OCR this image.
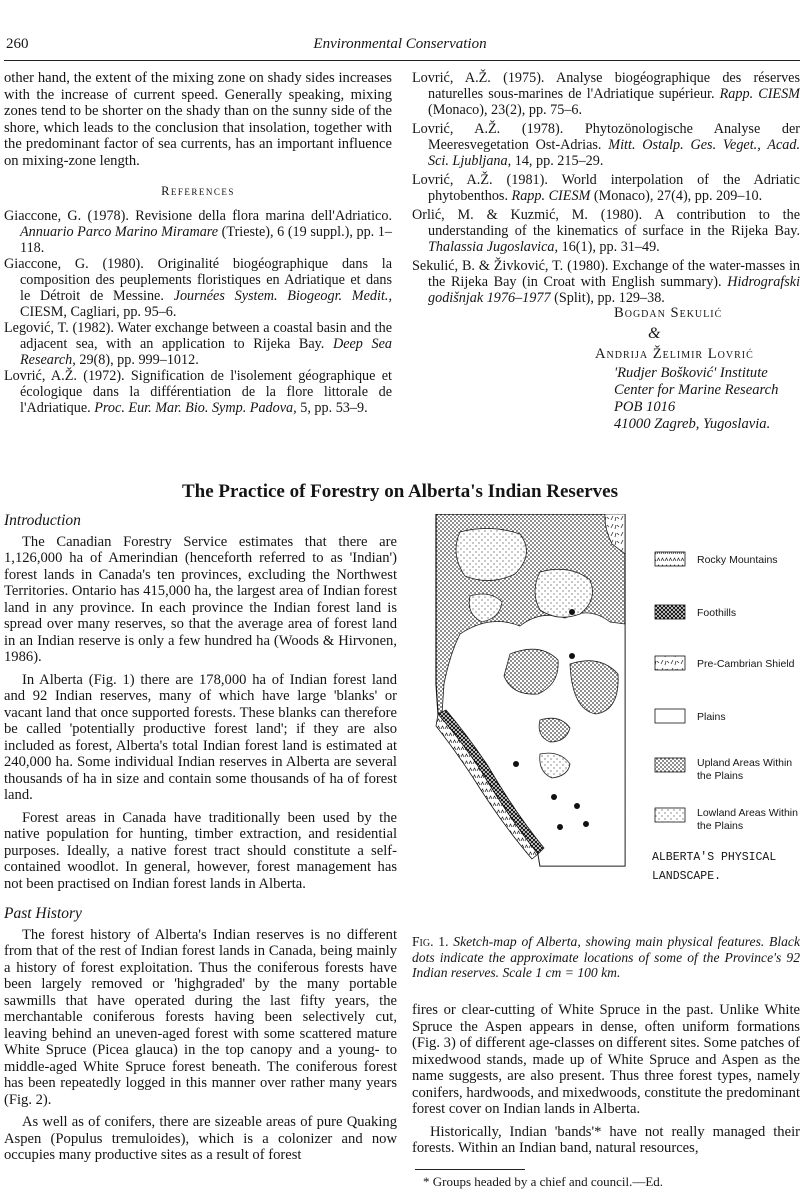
260	Environmental Conservation

other hand, the extent of the mixing zone on shady sides increases with the increase of current speed. Generally speaking, mixing zones tend to be shorter on the shady than on the sunny side of the shore, which leads to the conclusion that insolation, together with the predominant factor of sea currents, has an important influence on mixing-zone length.

References

Giaccone, G. (1978). Revisione della flora marina dell'Adriatico. Annuario Parco Marino Miramare (Trieste), 6 (19 suppl.), pp. 1–118.

Giaccone, G. (1980). Originalité biogéographique dans la composition des peuplements floristiques en Adriatique et dans le Détroit de Messine. Journées System. Biogeogr. Medit., CIESM, Cagliari, pp. 95–6.

Legović, T. (1982). Water exchange between a coastal basin and the adjacent sea, with an application to Rijeka Bay. Deep Sea Research, 29(8), pp. 999–1012.

Lovrić, A.Ž. (1972). Signification de l'isolement géographique et écologique dans la différentiation de la flore littorale de l'Adriatique. Proc. Eur. Mar. Bio. Symp. Padova, 5, pp. 53–9.

Lovrić, A.Ž. (1975). Analyse biogéographique des réserves naturelles sous-marines de l'Adriatique supérieur. Rapp. CIESM (Monaco), 23(2), pp. 75–6.

Lovrić, A.Ž. (1978). Phytozönologische Analyse der Meeresvegetation Ost-Adrias. Mitt. Ostalp. Ges. Veget., Acad. Sci. Ljubljana, 14, pp. 215–29.

Lovrić, A.Ž. (1981). World interpolation of the Adriatic phytobenthos. Rapp. CIESM (Monaco), 27(4), pp. 209–10.

Orlić, M. & Kuzmić, M. (1980). A contribution to the understanding of the kinematics of surface in the Rijeka Bay. Thalassia Jugoslavica, 16(1), pp. 31–49.

Sekulić, B. & Živković, T. (1980). Exchange of the water-masses in the Rijeka Bay (in Croat with English summary). Hidrografski godišnjak 1976–1977 (Split), pp. 129–38.

Bogdan Sekulić
&
Andrija Želimir Lovrić
'Rudjer Bošković' Institute
Center for Marine Research
POB 1016
41000 Zagreb, Yugoslavia.
The Practice of Forestry on Alberta's Indian Reserves
Introduction

The Canadian Forestry Service estimates that there are 1,126,000 ha of Amerindian (henceforth referred to as 'Indian') forest lands in Canada's ten provinces, excluding the Northwest Territories. Ontario has 415,000 ha, the largest area of Indian forest land in any province. In each province the Indian forest land is spread over many reserves, so that the average area of forest land in an Indian reserve is only a few hundred ha (Woods & Hirvonen, 1986).

In Alberta (Fig. 1) there are 178,000 ha of Indian forest land and 92 Indian reserves, many of which have large 'blanks' or vacant land that once supported forests. These blanks can therefore be called 'potentially productive forest land'; if they are also included as forest, Alberta's total Indian forest land is estimated at 240,000 ha. Some individual Indian reserves in Alberta are several thousands of ha in size and contain some thousands of ha of forest land.

Forest areas in Canada have traditionally been used by the native population for hunting, timber extraction, and residential purposes. Ideally, a native forest tract should constitute a self-contained woodlot. In general, however, forest management has not been practised on Indian forest lands in Alberta.

Past History

The forest history of Alberta's Indian reserves is no different from that of the rest of Indian forest lands in Canada, being mainly a history of forest exploitation. Thus the coniferous forests have been largely removed or 'highgraded' by the many portable sawmills that have operated during the last fifty years, the merchantable coniferous forests having been selectively cut, leaving behind an uneven-aged forest with some scattered mature White Spruce (Picea glauca) in the top canopy and a young- to middle-aged White Spruce forest beneath. The coniferous forest has been repeatedly logged in this manner over rather many years (Fig. 2).

As well as of conifers, there are sizeable areas of pure Quaking Aspen (Populus tremuloides), which is a colonizer and now occupies many productive sites as a result of forest

Rocky Mountains
Foothills
Pre-Cambrian Shield
Plains
Upland Areas Within the Plains
Lowland Areas Within the Plains
ALBERTA'S PHYSICAL
LANDSCAPE.
Fig. 1. Sketch-map of Alberta, showing main physical features. Black dots indicate the approximate locations of some of the Province's 92 Indian reserves. Scale 1 cm = 100 km.

fires or clear-cutting of White Spruce in the past. Unlike White Spruce the Aspen appears in dense, often uniform formations (Fig. 3) of different age-classes on different sites. Some patches of mixedwood stands, made up of White Spruce and Aspen as the name suggests, are also present. Thus three forest types, namely conifers, hardwoods, and mixedwoods, constitute the predominant forest cover on Indian lands in Alberta.

Historically, Indian 'bands'* have not really managed their forests. Within an Indian band, natural resources,

* Groups headed by a chief and council.—Ed.
